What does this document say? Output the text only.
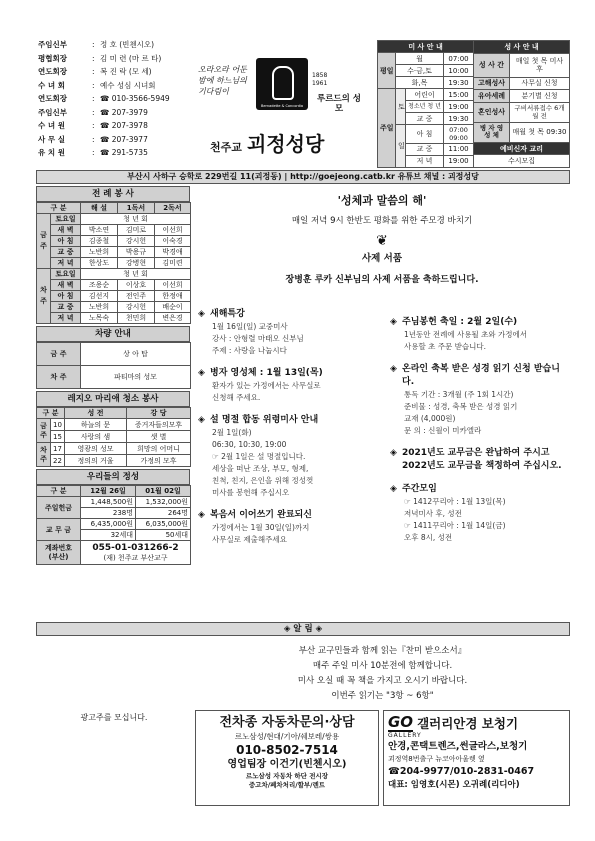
주임신부	: 정 호 (빈첸시오)
평협회장	: 김 미 련 (마 르 타)
연도회장	: 복 진 락 (모 세)
수 녀 회	: 예수 성심 시녀회
연도회장	: ☎ 010-3566-5949
주임신부	: ☎ 207-3979
수 녀 원	: ☎ 207-3978
사 무 실	: ☎ 207-3977
유 치 원	: ☎ 291-5735
오라오라 어둔밤에 하느님의 기다림이
Bernadette & Concordia
1858 1961
루르드의 성모
천주교 괴정성당
미 사 안 내			
평일	월		07:00
	수·금,토		10:00
	화,목		19:30
주일	토	어린이	15:00
		청소년 청 년	19:00
		교 중	19:30
	일	아 침	07:00 09:00
		교 중	11:00
		저 녁	19:00
성 사 안 내	
성 사 간	매일 첫 목 미사 후
고해성사	사무실 신청
유아세례	분기별 신청
혼인성사	구비서류접수 6개월 전
병 자 영 성 체	매월 첫 목 09:30
예비신자 교리	
수시모집	
부산시 사하구 승학로 229번길 11(괴정동) | http://goejeong.catb.kr 유튜브 채널 : 괴정성당
전 례 봉 사
구 분		해 설	1독서	2독서
금 주	토요일	청 년 회		
	새 벽	박소연	김미로	이선희
	아 침	김종철	강시헌	이숙경
	교 중	노반희	박용규	박경애
	저 녁	한상도	강병현	김미련
차 주	토요일	청 년 회		
	새 벽	조용순	이상호	이선희
	아 침	김선지	전인주	한정애
	교 중	노반희	강시헌	배순이
	저 녁	노목숙	천민희	변은경
차량 안내
금 주	상 아 탑
차 주	파티마의 성모
레지오 마리애 청소 봉사
구 분		성 전	강 당
금 주	10	하늘의 문	증거자들의모후
	15	사랑의 샘	샛 별
차 주	17	영광의 성모	희망의 어머니
	22	정의의 거울	가정의 모후
우리들의 정성
구 분	12월 26일	01월 02일
주일헌금	1,448,500원	1,532,000원
	238명	264명
교 무 금	6,435,000원	6,035,000원
	32세대	50세대
계좌번호 (부산)	055-01-031266-2
(재) 천주교 부산교구	
'성체과 말씀의 해'
매일 저녁 9시 한반도 평화를 위한 주모경 바치기
❦
사제 서품
장병훈 루카 신부님의 사제 서품을 축하드립니다.
◈ 새해특강
1월 16일(일) 교중미사
강사 : 안형렬 마태오 신부님
주제 : 사랑을 나눕시다
◈ 병자 영성체 : 1월 13일(목)
환자가 있는 가정에서는 사무실로
신청해 주세요.
◈ 설 명절 합동 위령미사 안내
2월 1일(화)
06:30, 10:30, 19:00
☞ 2월 1일은 설 명절입니다.
세상을 떠난 조상, 부모, 형제,
친척, 친지, 은인을 위해 정성껏
미사를 봉헌해 주십시오
◈ 복음서 이어쓰기 완료되신
가정에서는 1월 30일(일)까지
사무실로 제출해주세요
◈ 주님봉헌 축일 : 2월 2일(수)
1년동안 전례에 사용될 초와 가정에서
사용할 초 주문 받습니다.
◈ 온라인 축복 받은 성경 읽기 신청 받습니다.
통독 기간 : 3개월 (주 1회 1시간)
준비물 : 성경, 축복 받은 성경 읽기
교재 (4,000원)
문 의 : 신월이 미카엘라
◈ 2021년도 교무금은 완납하여 주시고 2022년도 교무금을 책정하여 주십시오.
◈ 주간모임
☞ 1412꾸리아 : 1월 13일(목)
저녁미사 후, 성전
☞ 1411꾸리아 : 1월 14일(금)
오후 8시, 성전
◈ 알 림 ◈
부산 교구민들과 함께 읽는『찬미 받으소서』
매주 주일 미사 10분전에 함께합니다.
미사 오실 때 꼭 책을 가지고 오시기 바랍니다.
이번주 읽기는 "3항 ~ 6항"
광고주를 모십니다.	전차종 자동차문의·상담
르노삼성/현대/기아/쉐보레/쌍용
010-8502-7514
영업팀장 이건기(빈첸시오)
르노삼성 자동차 하단 전시장
중고차/폐차처리/할부/렌트
GO 갤러리안경 보청기
GALLERY
안경,콘택트렌즈,썬글라스,보청기
괴정역8번출구 뉴코아아울렛 옆
☎204-9977/010-2831-0467
대표: 임영호(시몬) 오귀례(리디아)
